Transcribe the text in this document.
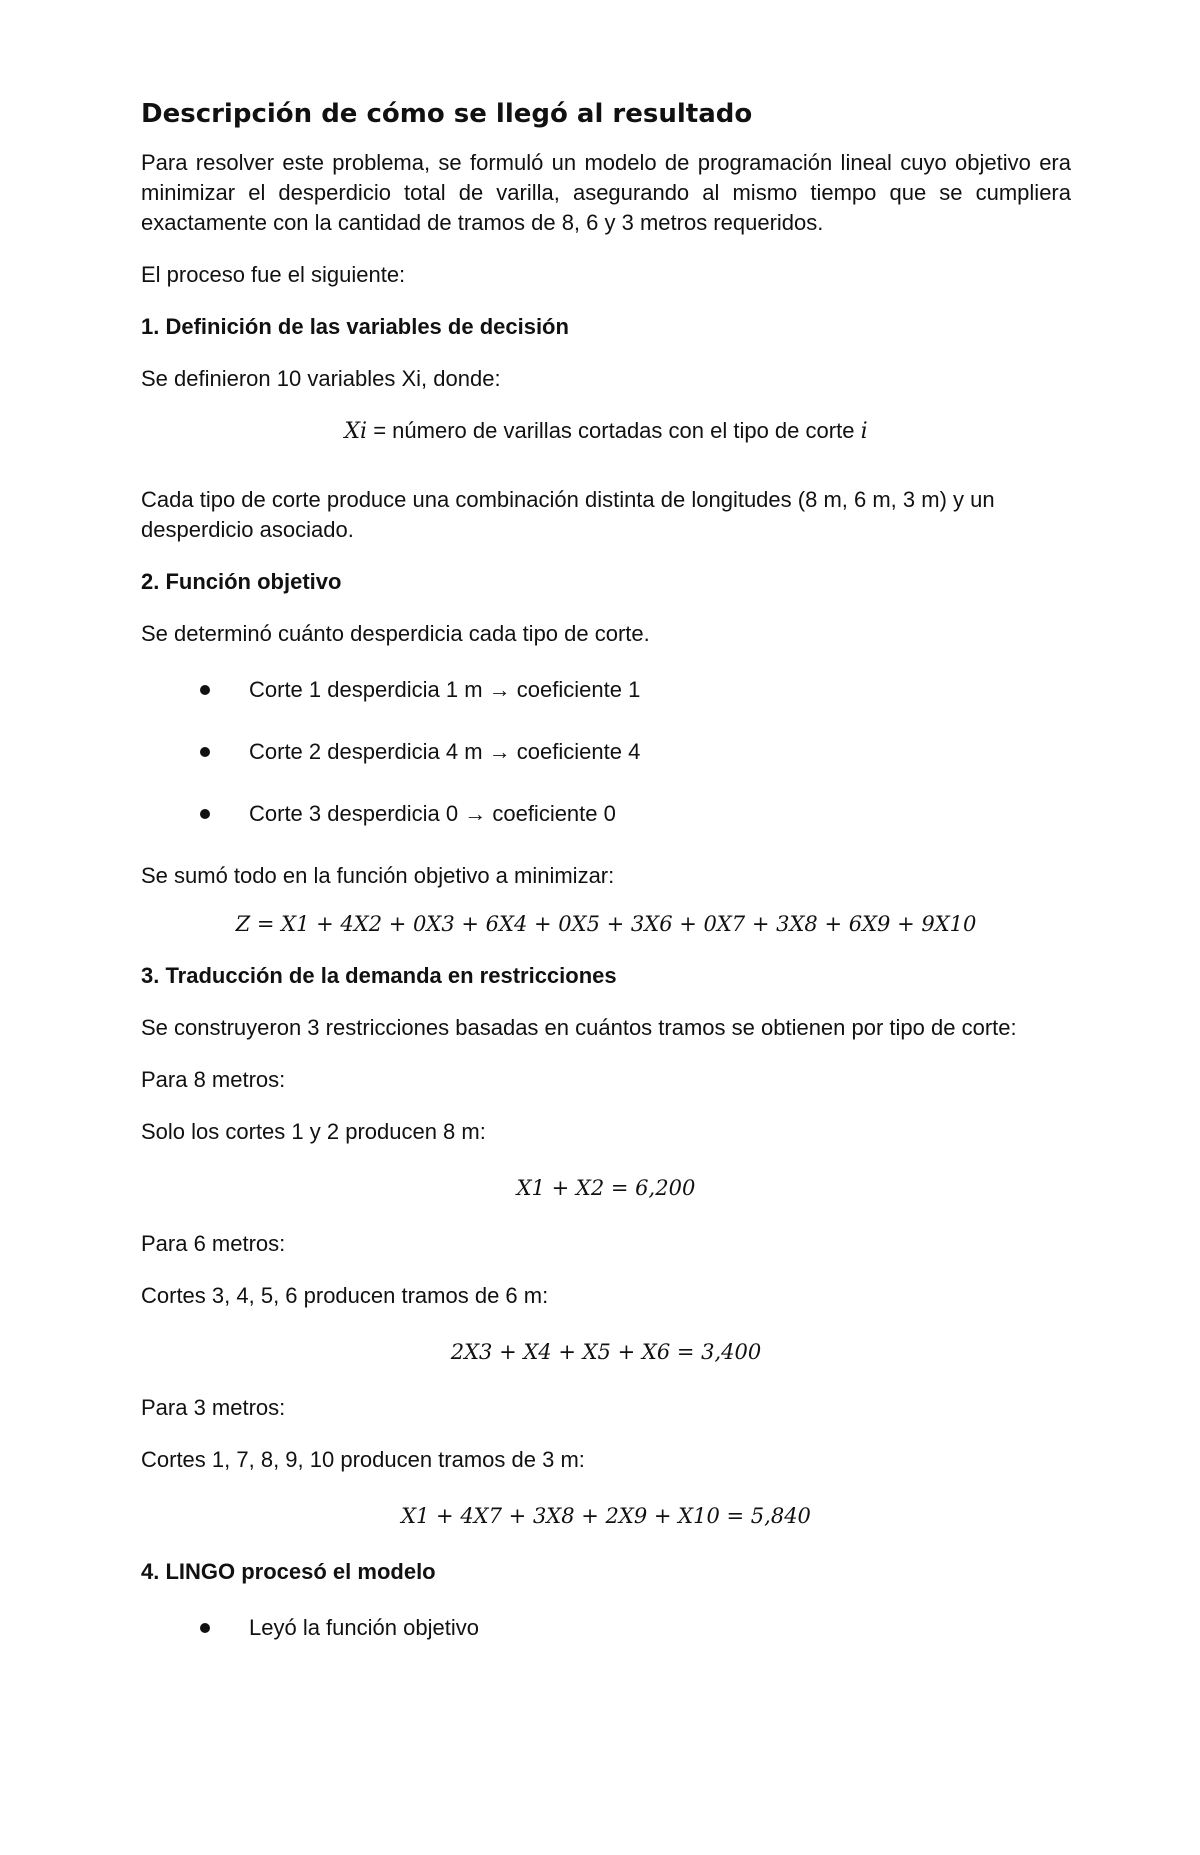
Descripción de cómo se llegó al resultado

Para resolver este problema, se formuló un modelo de programación lineal cuyo objetivo era minimizar el desperdicio total de varilla, asegurando al mismo tiempo que se cumpliera exactamente con la cantidad de tramos de 8, 6 y 3 metros requeridos.

El proceso fue el siguiente:

1. Definición de las variables de decisión

Se definieron 10 variables Xi, donde:

Xi = número de varillas cortadas con el tipo de corte i

Cada tipo de corte produce una combinación distinta de longitudes (8 m, 6 m, 3 m) y un desperdicio asociado.

2. Función objetivo

Se determinó cuánto desperdicia cada tipo de corte.

Corte 1 desperdicia 1 m → coeficiente 1
Corte 2 desperdicia 4 m → coeficiente 4
Corte 3 desperdicia 0 → coeficiente 0

Se sumó todo en la función objetivo a minimizar:

Z = X1 + 4X2 + 0X3 + 6X4 + 0X5 + 3X6 + 0X7 + 3X8 + 6X9 + 9X10
3. Traducción de la demanda en restricciones

Se construyeron 3 restricciones basadas en cuántos tramos se obtienen por tipo de corte:

Para 8 metros:

Solo los cortes 1 y 2 producen 8 m:

X1 + X2 = 6,200

Para 6 metros:

Cortes 3, 4, 5, 6 producen tramos de 6 m:

2X3 + X4 + X5 + X6 = 3,400

Para 3 metros:

Cortes 1, 7, 8, 9, 10 producen tramos de 3 m:

X1 + 4X7 + 3X8 + 2X9 + X10 = 5,840
4. LINGO procesó el modelo
Leyó la función objetivo
